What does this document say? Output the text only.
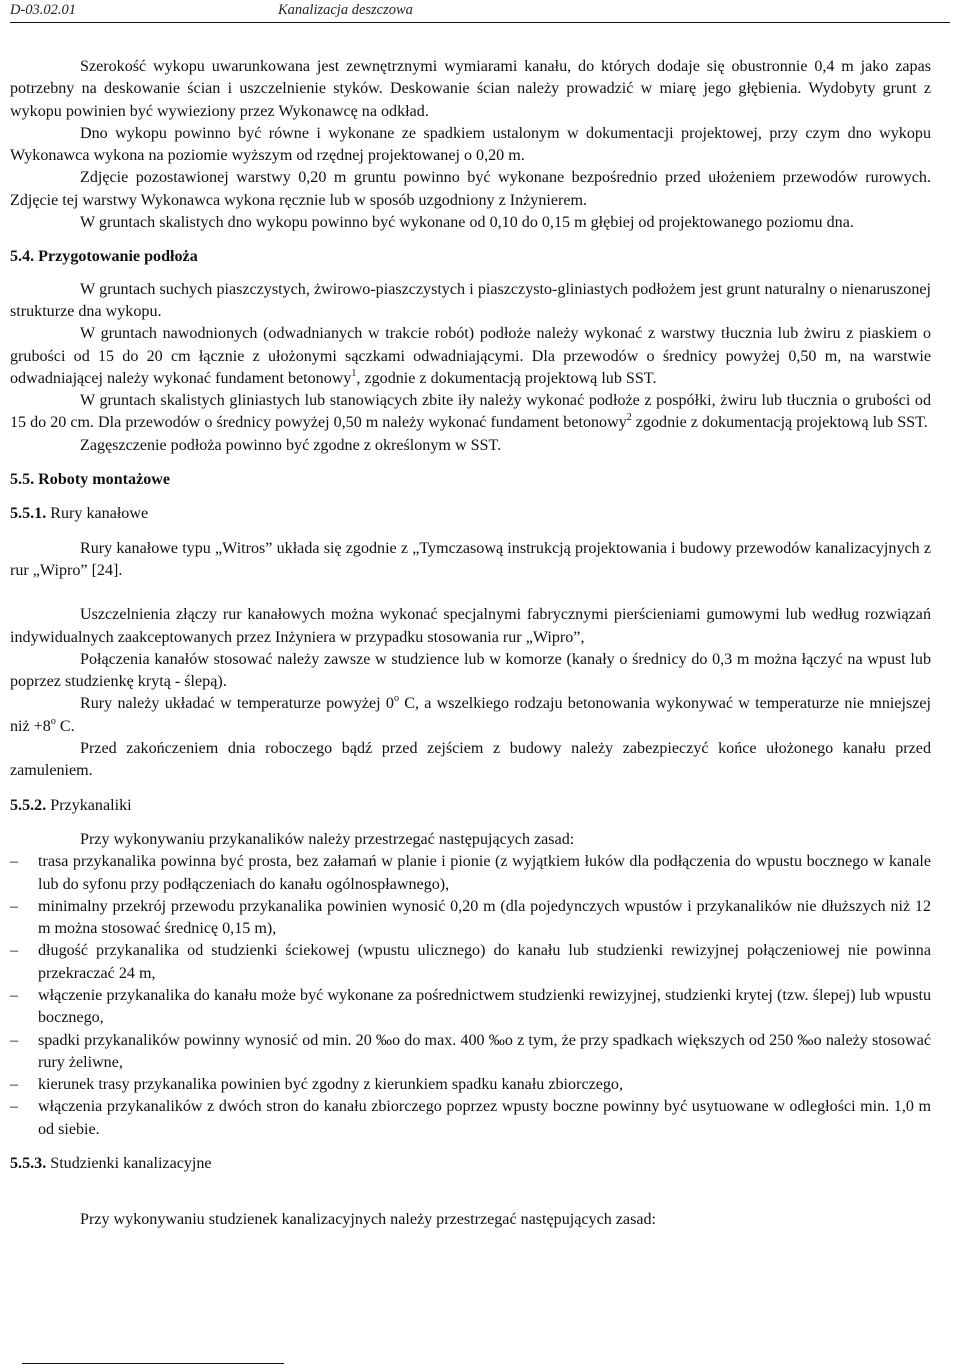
D-03.02.01	Kanalizacja deszczowa

Szerokość wykopu uwarunkowana jest zewnętrznymi wymiarami kanału, do których dodaje się obustronnie 0,4 m jako zapas potrzebny na deskowanie ścian i uszczelnienie styków. Deskowanie ścian należy prowadzić w miarę jego głębienia. Wydobyty grunt z wykopu powinien być wywieziony przez Wykonawcę na odkład.

Dno wykopu powinno być równe i wykonane ze spadkiem ustalonym w dokumentacji projektowej, przy czym dno wykopu Wykonawca wykona na poziomie wyższym od rzędnej projektowanej o 0,20 m.

Zdjęcie pozostawionej warstwy 0,20 m gruntu powinno być wykonane bezpośrednio przed ułożeniem przewodów rurowych. Zdjęcie tej warstwy Wykonawca wykona ręcznie lub w sposób uzgodniony z Inżynierem.

W gruntach skalistych dno wykopu powinno być wykonane od 0,10 do 0,15 m głębiej od projektowanego poziomu dna.

5.4. Przygotowanie podłoża

W gruntach suchych piaszczystych, żwirowo-piaszczystych i piaszczysto-gliniastych podłożem jest grunt naturalny o nienaruszonej strukturze dna wykopu.

W gruntach nawodnionych (odwadnianych w trakcie robót) podłoże należy wykonać z warstwy tłucznia lub żwiru z piaskiem o grubości od 15 do 20 cm łącznie z ułożonymi sączkami odwadniającymi. Dla przewodów o średnicy powyżej 0,50 m, na warstwie odwadniającej należy wykonać fundament betonowy$^1$, zgodnie z dokumentacją projektową lub SST.

W gruntach skalistych gliniastych lub stanowiących zbite iły należy wykonać podłoże z pospółki, żwiru lub tłucznia o grubości od 15 do 20 cm. Dla przewodów o średnicy powyżej 0,50 m należy wykonać fundament betonowy$^2$ zgodnie z dokumentacją projektową lub SST.

Zagęszczenie podłoża powinno być zgodne z określonym w SST.

5.5. Roboty montażowe
5.5.1. Rury kanałowe

Rury kanałowe typu „Witros” układa się zgodnie z „Tymczasową instrukcją projektowania i budowy przewodów kanalizacyjnych z rur „Wipro” [24].

Uszczelnienia złączy rur kanałowych można wykonać specjalnymi fabrycznymi pierścieniami gumowymi lub według rozwiązań indywidualnych zaakceptowanych przez Inżyniera w przypadku stosowania rur „Wipro”,

Połączenia kanałów stosować należy zawsze w studzience lub w komorze (kanały o średnicy do 0,3 m można łączyć na wpust lub poprzez studzienkę krytą - ślepą).

Rury należy układać w temperaturze powyżej 0$^o$ C, a wszelkiego rodzaju betonowania wykonywać w temperaturze nie mniejszej niż $+8^o$ C.

Przed zakończeniem dnia roboczego bądź przed zejściem z budowy należy zabezpieczyć końce ułożonego kanału przed zamuleniem.

5.5.2. Przykanaliki

Przy wykonywaniu przykanalików należy przestrzegać następujących zasad:

– trasa przykanalika powinna być prosta, bez załamań w planie i pionie (z wyjątkiem łuków dla podłączenia do wpustu bocznego w kanale lub do syfonu przy podłączeniach do kanału ogólnospławnego),
– minimalny przekrój przewodu przykanalika powinien wynosić 0,20 m (dla pojedynczych wpustów i przykanalików nie dłuższych niż 12 m można stosować średnicę 0,15 m),
– długość przykanalika od studzienki ściekowej (wpustu ulicznego) do kanału lub studzienki rewizyjnej połączeniowej nie powinna przekraczać 24 m,
– włączenie przykanalika do kanału może być wykonane za pośrednictwem studzienki rewizyjnej, studzienki krytej (tzw. ślepej) lub wpustu bocznego,
– spadki przykanalików powinny wynosić od min. 20 ‰o do max. 400 ‰o z tym, że przy spadkach większych od 250 ‰o należy stosować rury żeliwne,
– kierunek trasy przykanalika powinien być zgodny z kierunkiem spadku kanału zbiorczego,
– włączenia przykanalików z dwóch stron do kanału zbiorczego poprzez wpusty boczne powinny być usytuowane w odległości min. 1,0 m od siebie.
5.5.3. Studzienki kanalizacyjne

Przy wykonywaniu studzienek kanalizacyjnych należy przestrzegać następujących zasad:
